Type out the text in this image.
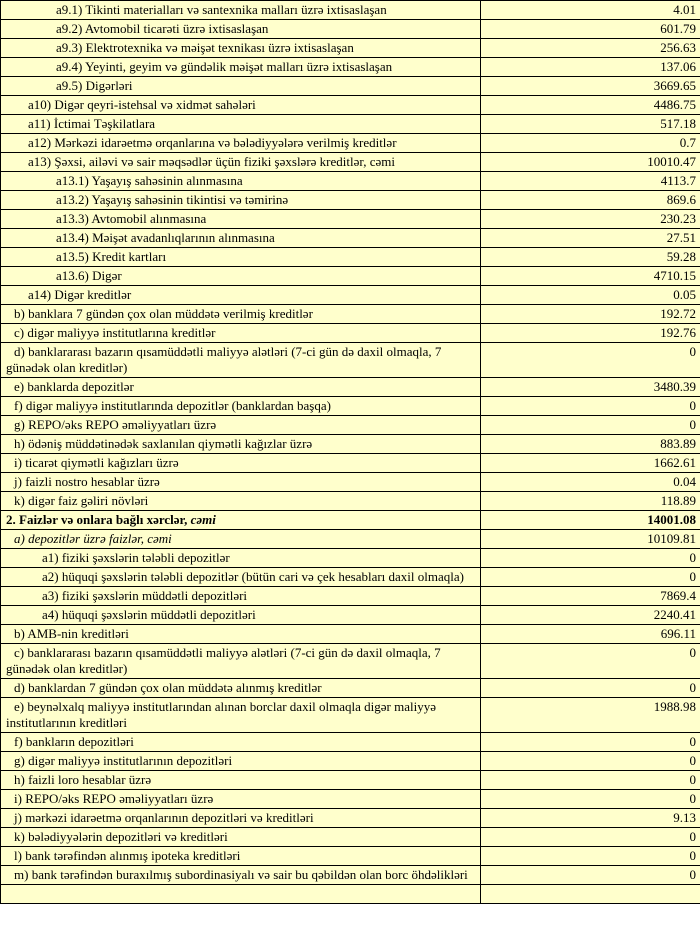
a9.1) Tikinti materialları və santexnika malları üzrə ixtisaslaşan	4.01
a9.2) Avtomobil ticarəti üzrə ixtisaslaşan	601.79
a9.3) Elektrotexnika və məişət texnikası üzrə ixtisaslaşan	256.63
a9.4) Yeyinti, geyim və gündəlik məişət malları üzrə ixtisaslaşan	137.06
a9.5) Digərləri	3669.65
a10) Digər qeyri-istehsal və xidmət sahələri	4486.75
a11) İctimai Təşkilatlara	517.18
a12) Mərkəzi idarəetmə orqanlarına və bələdiyyələrə verilmiş kreditlər	0.7
a13) Şəxsi, ailəvi və sair məqsədlər üçün fiziki şəxslərə kreditlər, cəmi	10010.47
a13.1) Yaşayış sahəsinin alınmasına	4113.7
a13.2) Yaşayış sahəsinin tikintisi və təmirinə	869.6
a13.3) Avtomobil alınmasına	230.23
a13.4) Məişət avadanlıqlarının alınmasına	27.51
a13.5) Kredit kartları	59.28
a13.6) Digər	4710.15
a14) Digər kreditlər	0.05
b) banklara 7 gündən çox olan müddətə verilmiş kreditlər	192.72
c) digər maliyyə institutlarına kreditlər	192.76
d) banklararası bazarın qısamüddətli maliyyə alətləri (7-ci gün də daxil olmaqla, 7 günədək olan kreditlər)	0
e) banklarda depozitlər	3480.39
f) digər maliyyə institutlarında depozitlər (banklardan başqa)	0
g) REPO/əks REPO əməliyyatları üzrə	0
h) ödəniş müddətinədək saxlanılan qiymətli kağızlar üzrə	883.89
i) ticarət qiymətli kağızları üzrə	1662.61
j) faizli nostro hesablar üzrə	0.04
k) digər faiz gəliri növləri	118.89
2. Faizlər və onlara bağlı xərclər, cəmi	14001.08
a) depozitlər üzrə faizlər, cəmi	10109.81
a1) fiziki şəxslərin tələbli depozitlər	0
a2) hüquqi şəxslərin tələbli depozitlər (bütün cari və çek hesabları daxil olmaqla)	0
a3) fiziki şəxslərin müddətli depozitləri	7869.4
a4) hüquqi şəxslərin müddətli depozitləri	2240.41
b) AMB-nin kreditləri	696.11
c) banklararası bazarın qısamüddətli maliyyə alətləri (7-ci gün də daxil olmaqla, 7 günədək olan kreditlər)	0
d) banklardan 7 gündən çox olan müddətə alınmış kreditlər	0
e) beynəlxalq maliyyə institutlarından alınan borclar daxil olmaqla digər maliyyə institutlarının kreditləri	1988.98
f) bankların depozitləri	0
g) digər maliyyə institutlarının depozitləri	0
h) faizli loro hesablar üzrə	0
i) REPO/əks REPO əməliyyatları üzrə	0
j) mərkəzi idarəetmə orqanlarının depozitləri və kreditləri	9.13
k) bələdiyyələrin depozitləri və kreditləri	0
l) bank tərəfindən alınmış ipoteka kreditləri	0
m) bank tərəfindən buraxılmış subordinasiyalı və sair bu qəbildən olan borc öhdəlikləri	0
